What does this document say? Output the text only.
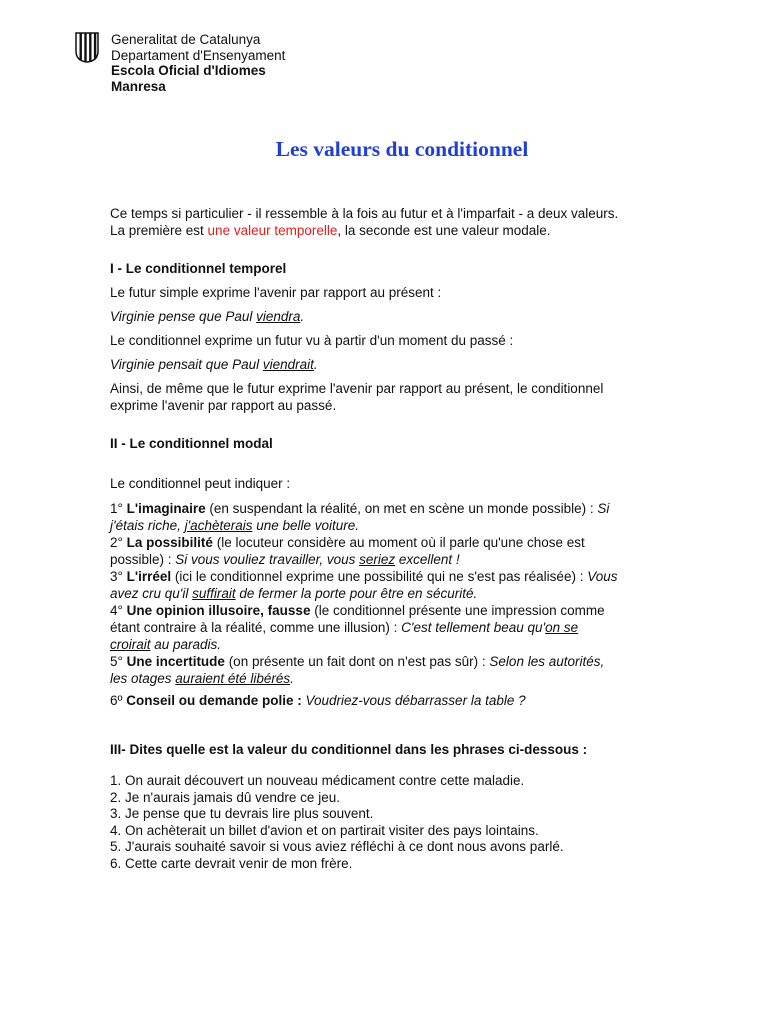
Generalitat de Catalunya
Departament d'Ensenyament
Escola Oficial d'Idiomes
Manresa
Les valeurs du conditionnel
Ce temps si particulier - il ressemble à la fois au futur et à l'imparfait - a deux valeurs.
La première est une valeur temporelle, la seconde est une valeur modale.
I - Le conditionnel temporel
Le futur simple exprime l'avenir par rapport au présent :
Virginie pense que Paul viendra.
Le conditionnel exprime un futur vu à partir d'un moment du passé :
Virginie pensait que Paul viendrait.
Ainsi, de même que le futur exprime l'avenir par rapport au présent, le conditionnel
exprime l'avenir par rapport au passé.
II - Le conditionnel modal
Le conditionnel peut indiquer :
1° L'imaginaire (en suspendant la réalité, on met en scène un monde possible) : Si
j'étais riche, j'achèterais une belle voiture.
2° La possibilité (le locuteur considère au moment où il parle qu'une chose est
possible) : Si vous vouliez travailler, vous seriez excellent !
3° L'irréel (ici le conditionnel exprime une possibilité qui ne s'est pas réalisée) : Vous
avez cru qu'il suffirait de fermer la porte pour être en sécurité.
4° Une opinion illusoire, fausse (le conditionnel présente une impression comme
étant contraire à la réalité, comme une illusion) : C'est tellement beau qu'on se
croirait au paradis.
5° Une incertitude (on présente un fait dont on n'est pas sûr) : Selon les autorités,
les otages auraient été libérés.
6º Conseil ou demande polie : Voudriez-vous débarrasser la table ?
III- Dites quelle est la valeur du conditionnel dans les phrases ci-dessous :
1. On aurait découvert un nouveau médicament contre cette maladie.
2. Je n'aurais jamais dû vendre ce jeu.
3. Je pense que tu devrais lire plus souvent.
4. On achèterait un billet d'avion et on partirait visiter des pays lointains.
5. J'aurais souhaité savoir si vous aviez réfléchi à ce dont nous avons parlé.
6. Cette carte devrait venir de mon frère.
